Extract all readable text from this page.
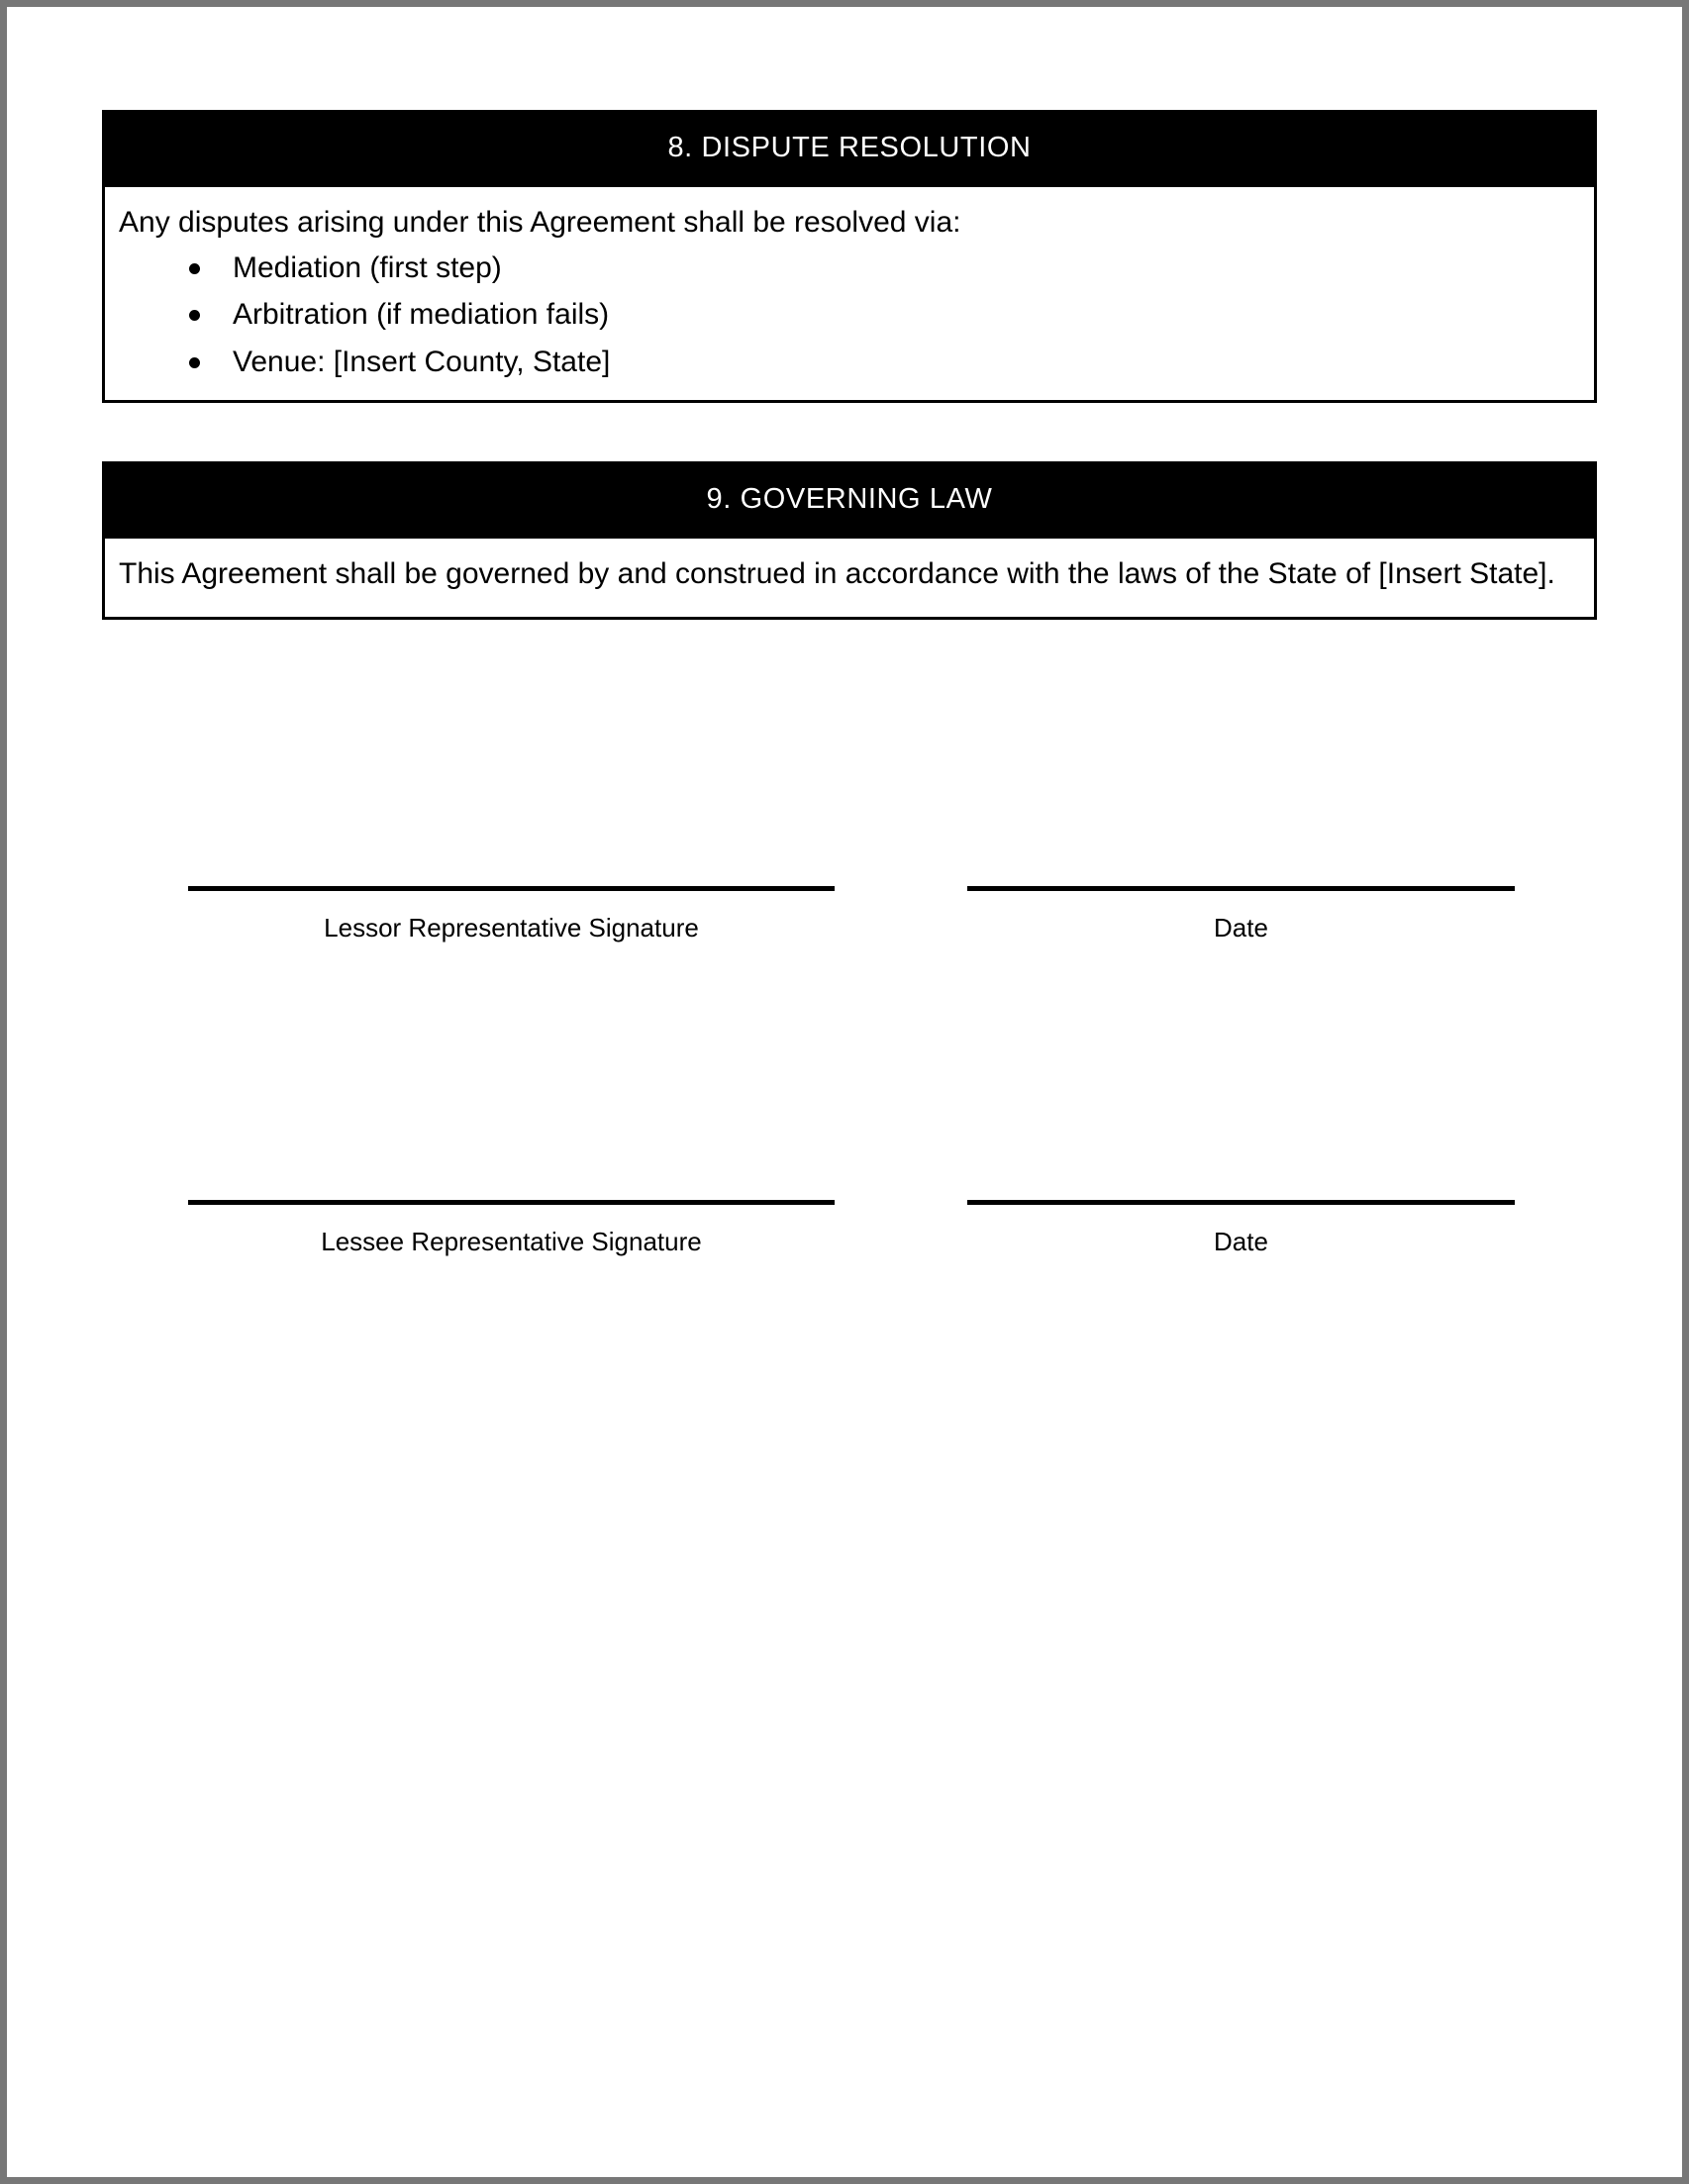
8. DISPUTE RESOLUTION

Any disputes arising under this Agreement shall be resolved via:

Mediation (first step)
Arbitration (if mediation fails)
Venue: [Insert County, State]
9. GOVERNING LAW

This Agreement shall be governed by and construed in accordance with the laws of the State of [Insert State].

Lessor Representative Signature	Date
Lessee Representative Signature	Date
